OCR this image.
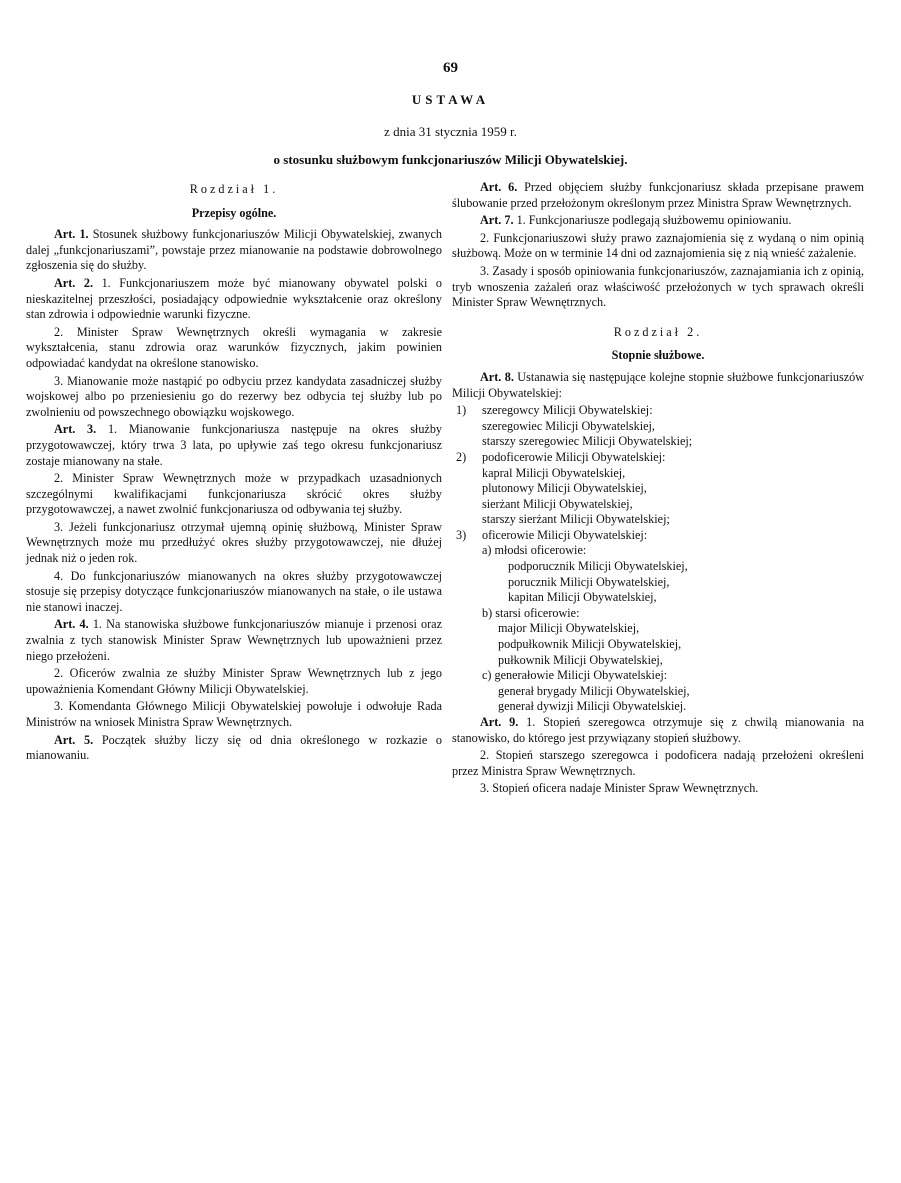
69
USTAWA
z dnia 31 stycznia 1959 r.
o stosunku służbowym funkcjonariuszów Milicji Obywatelskiej.
Rozdział 1.
Przepisy ogólne.
Art. 1. Stosunek służbowy funkcjonariuszów Milicji Obywatelskiej, zwanych dalej „funkcjonariuszami”, powstaje przez mianowanie na podstawie dobrowolnego zgłoszenia się do służby.
Art. 2. 1. Funkcjonariuszem może być mianowany obywatel polski o nieskazitelnej przeszłości, posiadający odpowiednie wykształcenie oraz określony stan zdrowia i odpowiednie warunki fizyczne.
2. Minister Spraw Wewnętrznych określi wymagania w zakresie wykształcenia, stanu zdrowia oraz warunków fizycznych, jakim powinien odpowiadać kandydat na określone stanowisko.
3. Mianowanie może nastąpić po odbyciu przez kandydata zasadniczej służby wojskowej albo po przeniesieniu go do rezerwy bez odbycia tej służby lub po zwolnieniu od powszechnego obowiązku wojskowego.
Art. 3. 1. Mianowanie funkcjonariusza następuje na okres służby przygotowawczej, który trwa 3 lata, po upływie zaś tego okresu funkcjonariusz zostaje mianowany na stałe.
2. Minister Spraw Wewnętrznych może w przypadkach uzasadnionych szczególnymi kwalifikacjami funkcjonariusza skrócić okres służby przygotowawczej, a nawet zwolnić funkcjonariusza od odbywania tej służby.
3. Jeżeli funkcjonariusz otrzymał ujemną opinię służbową, Minister Spraw Wewnętrznych może mu przedłużyć okres służby przygotowawczej, nie dłużej jednak niż o jeden rok.
4. Do funkcjonariuszów mianowanych na okres służby przygotowawczej stosuje się przepisy dotyczące funkcjonariuszów mianowanych na stałe, o ile ustawa nie stanowi inaczej.
Art. 4. 1. Na stanowiska służbowe funkcjonariuszów mianuje i przenosi oraz zwalnia z tych stanowisk Minister Spraw Wewnętrznych lub upoważnieni przez niego przełożeni.
2. Oficerów zwalnia ze służby Minister Spraw Wewnętrznych lub z jego upoważnienia Komendant Główny Milicji Obywatelskiej.
3. Komendanta Głównego Milicji Obywatelskiej powołuje i odwołuje Rada Ministrów na wniosek Ministra Spraw Wewnętrznych.
Art. 5. Początek służby liczy się od dnia określonego w rozkazie o mianowaniu.
Art. 6. Przed objęciem służby funkcjonariusz składa przepisane prawem ślubowanie przed przełożonym określonym przez Ministra Spraw Wewnętrznych.
Art. 7. 1. Funkcjonariusze podlegają służbowemu opiniowaniu.
2. Funkcjonariuszowi służy prawo zaznajomienia się z wydaną o nim opinią służbową. Może on w terminie 14 dni od zaznajomienia się z nią wnieść zażalenie.
3. Zasady i sposób opiniowania funkcjonariuszów, zaznajamiania ich z opinią, tryb wnoszenia zażaleń oraz właściwość przełożonych w tych sprawach określi Minister Spraw Wewnętrznych.
Rozdział 2.
Stopnie służbowe.
Art. 8. Ustanawia się następujące kolejne stopnie służbowe funkcjonariuszów Milicji Obywatelskiej:
1) szeregowcy Milicji Obywatelskiej:
szeregowiec Milicji Obywatelskiej,
starszy szeregowiec Milicji Obywatelskiej;
2) podoficerowie Milicji Obywatelskiej:
kapral Milicji Obywatelskiej,
plutonowy Milicji Obywatelskiej,
sierżant Milicji Obywatelskiej,
starszy sierżant Milicji Obywatelskiej;
3) oficerowie Milicji Obywatelskiej:
a) młodsi oficerowie:
podporucznik Milicji Obywatelskiej,
porucznik Milicji Obywatelskiej,
kapitan Milicji Obywatelskiej,
b) starsi oficerowie:
major Milicji Obywatelskiej,
podpułkownik Milicji Obywatelskiej,
pułkownik Milicji Obywatelskiej,
c) generałowie Milicji Obywatelskiej:
generał brygady Milicji Obywatelskiej,
generał dywizji Milicji Obywatelskiej.
Art. 9. 1. Stopień szeregowca otrzymuje się z chwilą mianowania na stanowisko, do którego jest przywiązany stopień służbowy.
2. Stopień starszego szeregowca i podoficera nadają przełożeni określeni przez Ministra Spraw Wewnętrznych.
3. Stopień oficera nadaje Minister Spraw Wewnętrznych.
